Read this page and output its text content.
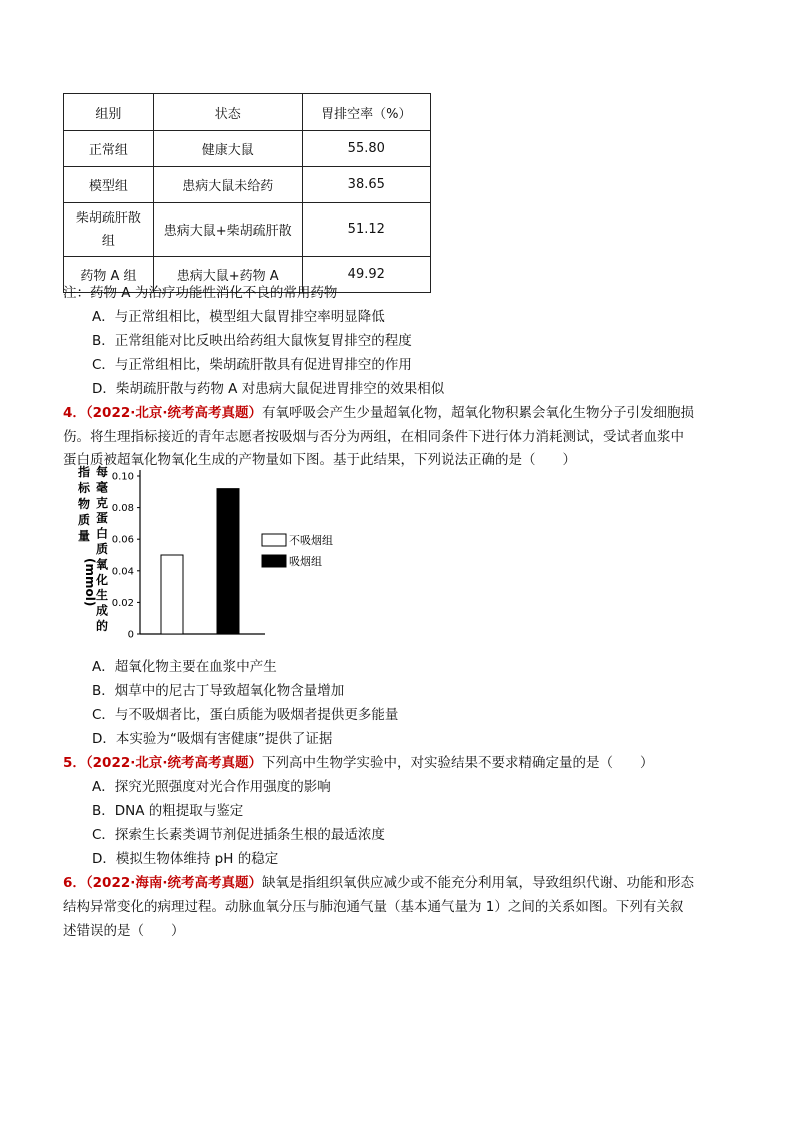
组别	状态	胃排空率（%）
正常组	健康大鼠	55.80
模型组	患病大鼠未给药	38.65

柴胡疏肝散
组	患病大鼠+柴胡疏肝散	51.12
药物 A 组	患病大鼠+药物 A	49.92
注：药物 A 为治疗功能性消化不良的常用药物
A．与正常组相比，模型组大鼠胃排空率明显降低
B．正常组能对比反映出给药组大鼠恢复胃排空的程度
C．与正常组相比，柴胡疏肝散具有促进胃排空的作用
D．柴胡疏肝散与药物 A 对患病大鼠促进胃排空的效果相似
4．（2022·北京·统考高考真题）有氧呼吸会产生少量超氧化物，超氧化物积累会氧化生物分子引发细胞损
伤。将生理指标接近的青年志愿者按吸烟与否分为两组，在相同条件下进行体力消耗测试，受试者血浆中
蛋白质被超氧化物氧化生成的产物量如下图。基于此结果，下列说法正确的是（　　）
指
标
物
质
量
每
毫
克
蛋
白
质
氧
化
生
成
的
(mmol)
0
0.02
0.04
0.06
0.08
0.10
不吸烟组
吸烟组
A．超氧化物主要在血浆中产生
B．烟草中的尼古丁导致超氧化物含量增加
C．与不吸烟者比，蛋白质能为吸烟者提供更多能量
D．本实验为“吸烟有害健康”提供了证据
5．（2022·北京·统考高考真题）下列高中生物学实验中，对实验结果不要求精确定量的是（　　）
A．探究光照强度对光合作用强度的影响
B．DNA 的粗提取与鉴定
C．探索生长素类调节剂促进插条生根的最适浓度
D．模拟生物体维持 pH 的稳定
6．（2022·海南·统考高考真题）缺氧是指组织氧供应减少或不能充分利用氧，导致组织代谢、功能和形态
结构异常变化的病理过程。动脉血氧分压与肺泡通气量（基本通气量为 1）之间的关系如图。下列有关叙
述错误的是（　　）
